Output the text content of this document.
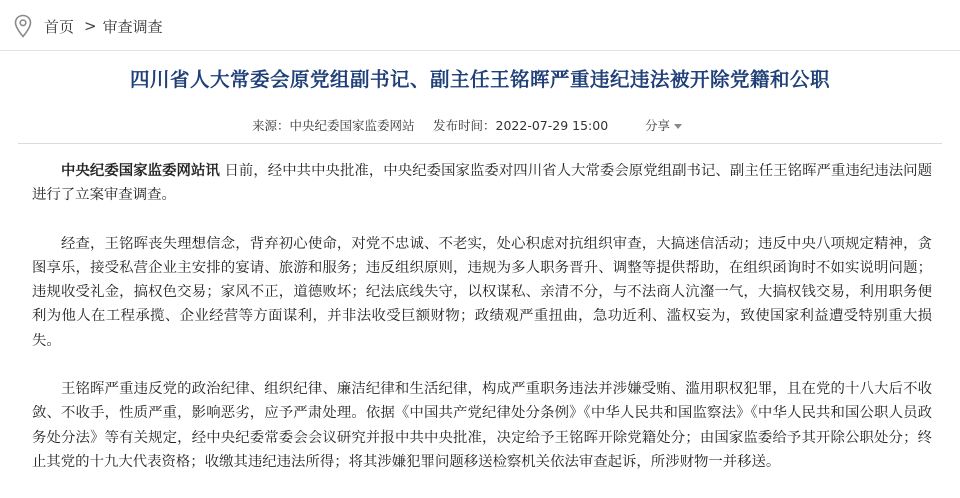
首页 > 审查调查
四川省人大常委会原党组副书记、副主任王铭晖严重违纪违法被开除党籍和公职
来源：中央纪委国家监委网站 发布时间：2022-07-29 15:00	分享

中央纪委国家监委网站讯 日前，经中共中央批准，中央纪委国家监委对四川省人大常委会原党组副书记、副主任王铭晖严重违纪违法问题进行了立案审查调查。

经查，王铭晖丧失理想信念，背弃初心使命，对党不忠诚、不老实，处心积虑对抗组织审查，大搞迷信活动；违反中央八项规定精神，贪图享乐，接受私营企业主安排的宴请、旅游和服务；违反组织原则，违规为多人职务晋升、调整等提供帮助，在组织函询时不如实说明问题；违规收受礼金，搞权色交易；家风不正，道德败坏；纪法底线失守，以权谋私、亲清不分，与不法商人沆瀣一气，大搞权钱交易，利用职务便利为他人在工程承揽、企业经营等方面谋利，并非法收受巨额财物；政绩观严重扭曲，急功近利、滥权妄为，致使国家利益遭受特别重大损失。

王铭晖严重违反党的政治纪律、组织纪律、廉洁纪律和生活纪律，构成严重职务违法并涉嫌受贿、滥用职权犯罪，且在党的十八大后不收敛、不收手，性质严重，影响恶劣，应予严肃处理。依据《中国共产党纪律处分条例》《中华人民共和国监察法》《中华人民共和国公职人员政务处分法》等有关规定，经中央纪委常委会会议研究并报中共中央批准，决定给予王铭晖开除党籍处分；由国家监委给予其开除公职处分；终止其党的十九大代表资格；收缴其违纪违法所得；将其涉嫌犯罪问题移送检察机关依法审查起诉，所涉财物一并移送。
